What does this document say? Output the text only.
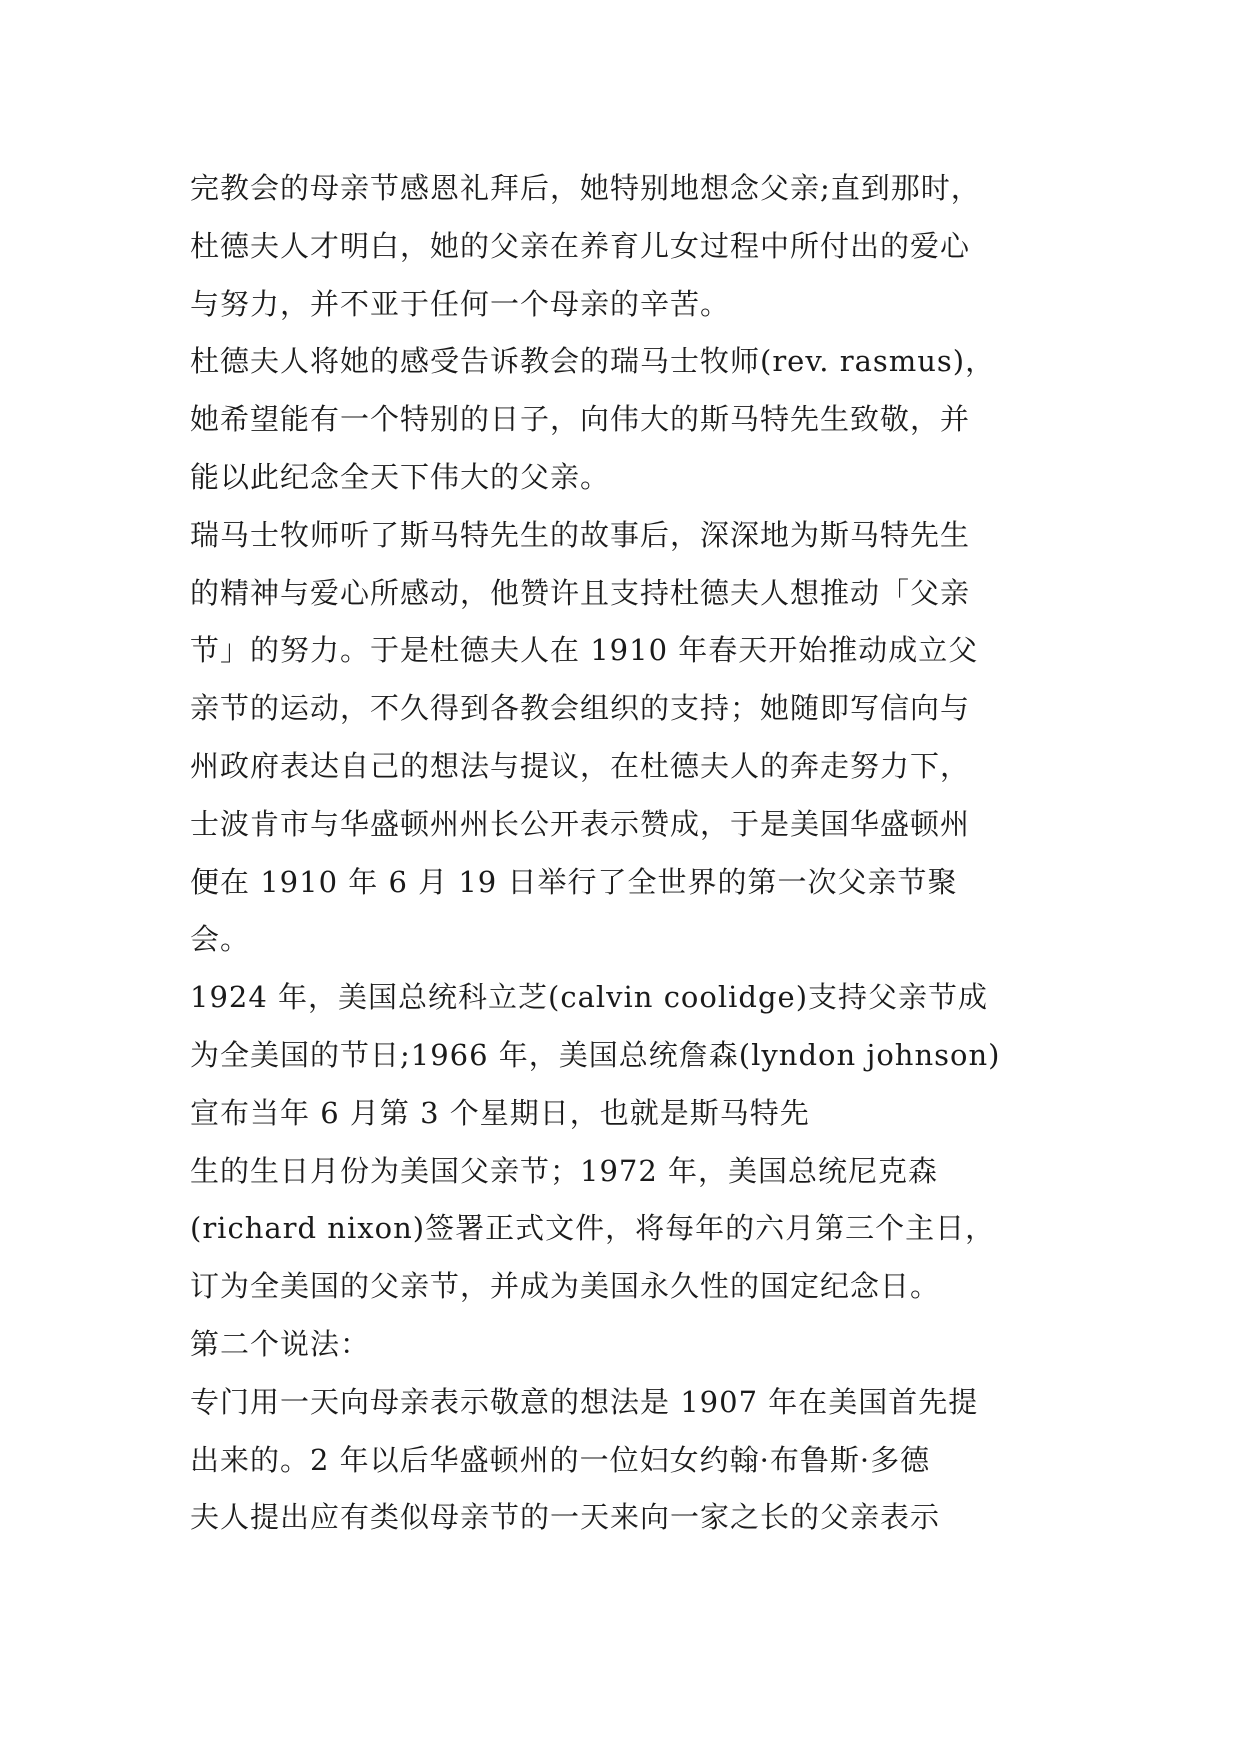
完教会的母亲节感恩礼拜后，她特别地想念父亲;直到那时，
杜德夫人才明白，她的父亲在养育儿女过程中所付出的爱心
与努力，并不亚于任何一个母亲的辛苦。
杜德夫人将她的感受告诉教会的瑞马士牧师(rev. rasmus)，
她希望能有一个特别的日子，向伟大的斯马特先生致敬，并
能以此纪念全天下伟大的父亲。
瑞马士牧师听了斯马特先生的故事后，深深地为斯马特先生
的精神与爱心所感动，他赞许且支持杜德夫人想推动「父亲
节」的努力。于是杜德夫人在 1910 年春天开始推动成立父
亲节的运动，不久得到各教会组织的支持；她随即写信向与
州政府表达自己的想法与提议，在杜德夫人的奔走努力下，
士波肯市与华盛顿州州长公开表示赞成，于是美国华盛顿州
便在 1910 年 6 月 19 日举行了全世界的第一次父亲节聚
会。
1924 年，美国总统科立芝(calvin coolidge)支持父亲节成
为全美国的节日;1966 年，美国总统詹森(lyndon johnson)
宣布当年 6 月第 3 个星期日，也就是斯马特先
生的生日月份为美国父亲节；1972 年，美国总统尼克森
(richard nixon)签署正式文件，将每年的六月第三个主日，
订为全美国的父亲节，并成为美国永久性的国定纪念日。
第二个说法：
专门用一天向母亲表示敬意的想法是 1907 年在美国首先提
出来的。2 年以后华盛顿州的一位妇女约翰·布鲁斯·多德
夫人提出应有类似母亲节的一天来向一家之长的父亲表示
